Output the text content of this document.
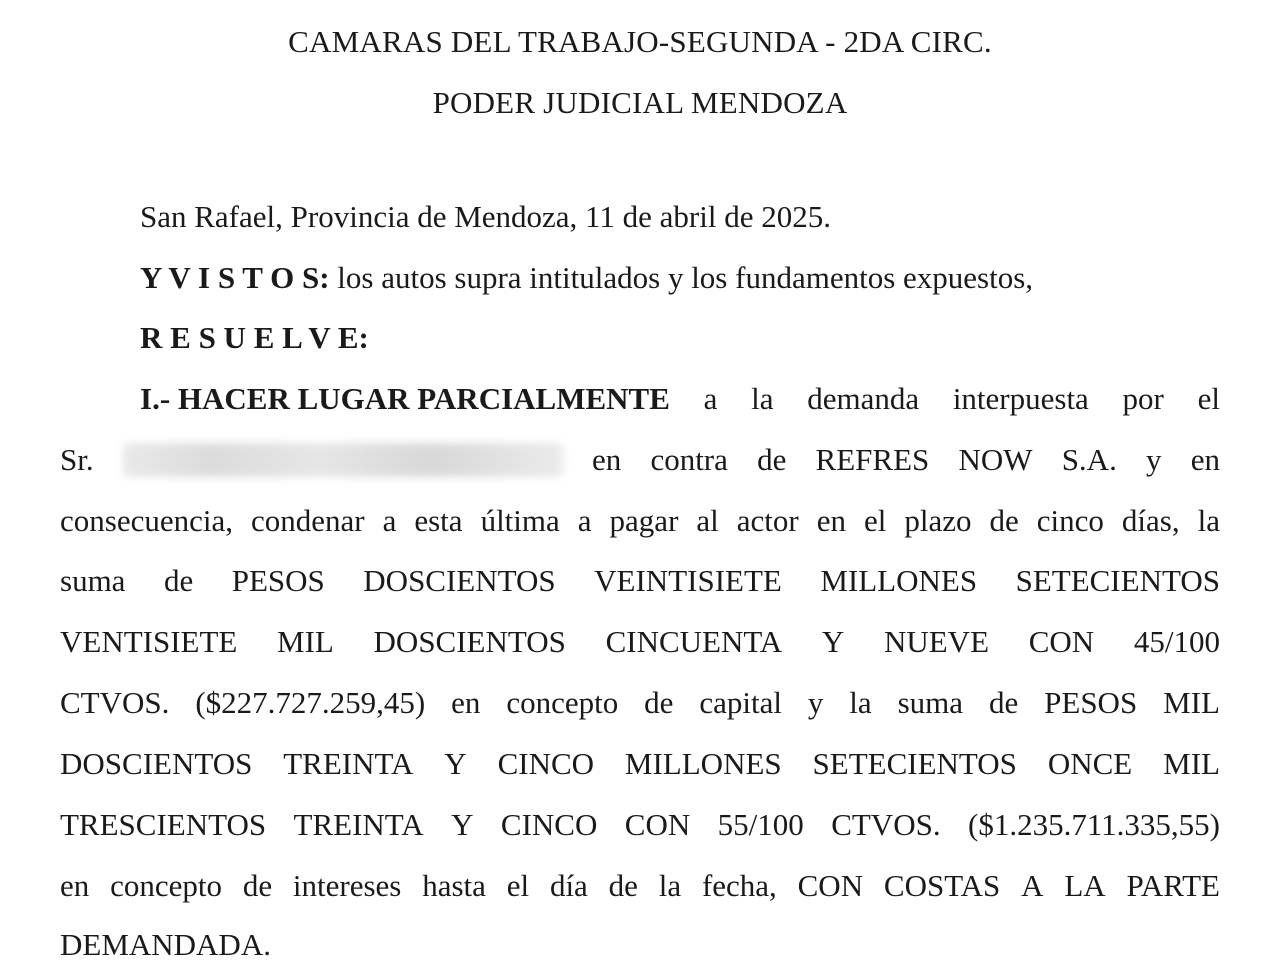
CAMARAS DEL TRABAJO-SEGUNDA - 2DA CIRC.
PODER JUDICIAL MENDOZA
San Rafael, Provincia de Mendoza, 11 de abril de 2025.
Y V I S T O S: los autos supra intitulados y los fundamentos expuestos,
R E S U E L V E:
I.- HACER LUGAR PARCIALMENTE a la demanda interpuesta por el
Sr.	en contra de REFRES NOW S.A. y en
consecuencia, condenar a esta última a pagar al actor en el plazo de cinco días, la
suma de PESOS DOSCIENTOS VEINTISIETE MILLONES SETECIENTOS
VENTISIETE MIL DOSCIENTOS CINCUENTA Y NUEVE CON 45/100
CTVOS. ($227.727.259,45) en concepto de capital y la suma de PESOS MIL
DOSCIENTOS TREINTA Y CINCO MILLONES SETECIENTOS ONCE MIL
TRESCIENTOS TREINTA Y CINCO CON 55/100 CTVOS. ($1.235.711.335,55)
en concepto de intereses hasta el día de la fecha, CON COSTAS A LA PARTE
DEMANDADA.
